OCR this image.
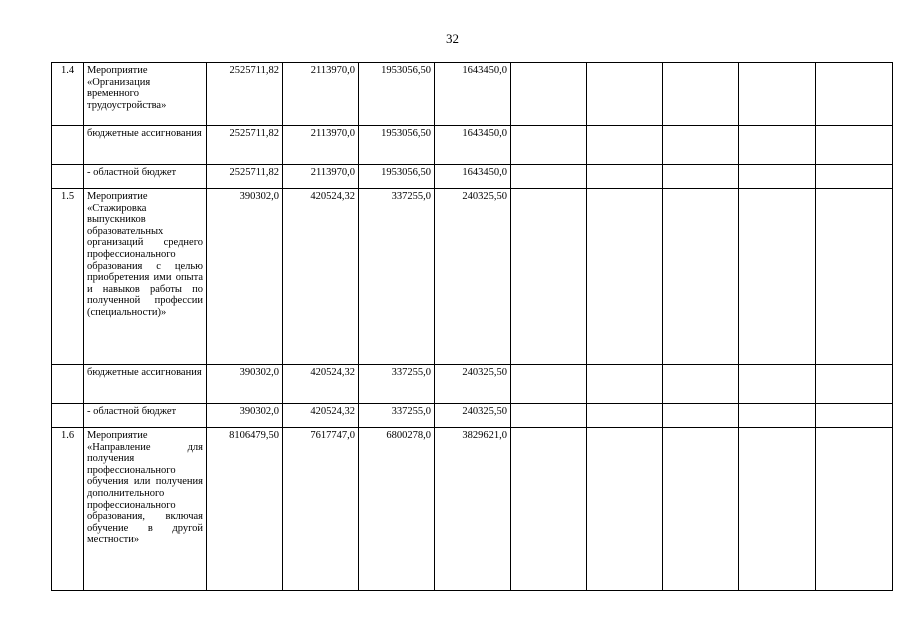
32
1.4	Мероприятие «Организация временного трудоустройства»	2525711,82	2113970,0	1953056,50	1643450,0					
	бюджетные ассигнования	2525711,82	2113970,0	1953056,50	1643450,0					
	- областной бюджет	2525711,82	2113970,0	1953056,50	1643450,0					
1.5	Мероприятие «Стажировка выпускников образовательных организаций среднего профессионального образования с целью приобретения ими опыта и навыков работы по полученной профессии (специальности)»	390302,0	420524,32	337255,0	240325,50					
	бюджетные ассигнования	390302,0	420524,32	337255,0	240325,50					
	- областной бюджет	390302,0	420524,32	337255,0	240325,50					
1.6	Мероприятие «Направление для получения профессионального обучения или получения дополнительного профессионального образования, включая обучение в другой местности»	8106479,50	7617747,0	6800278,0	3829621,0					
